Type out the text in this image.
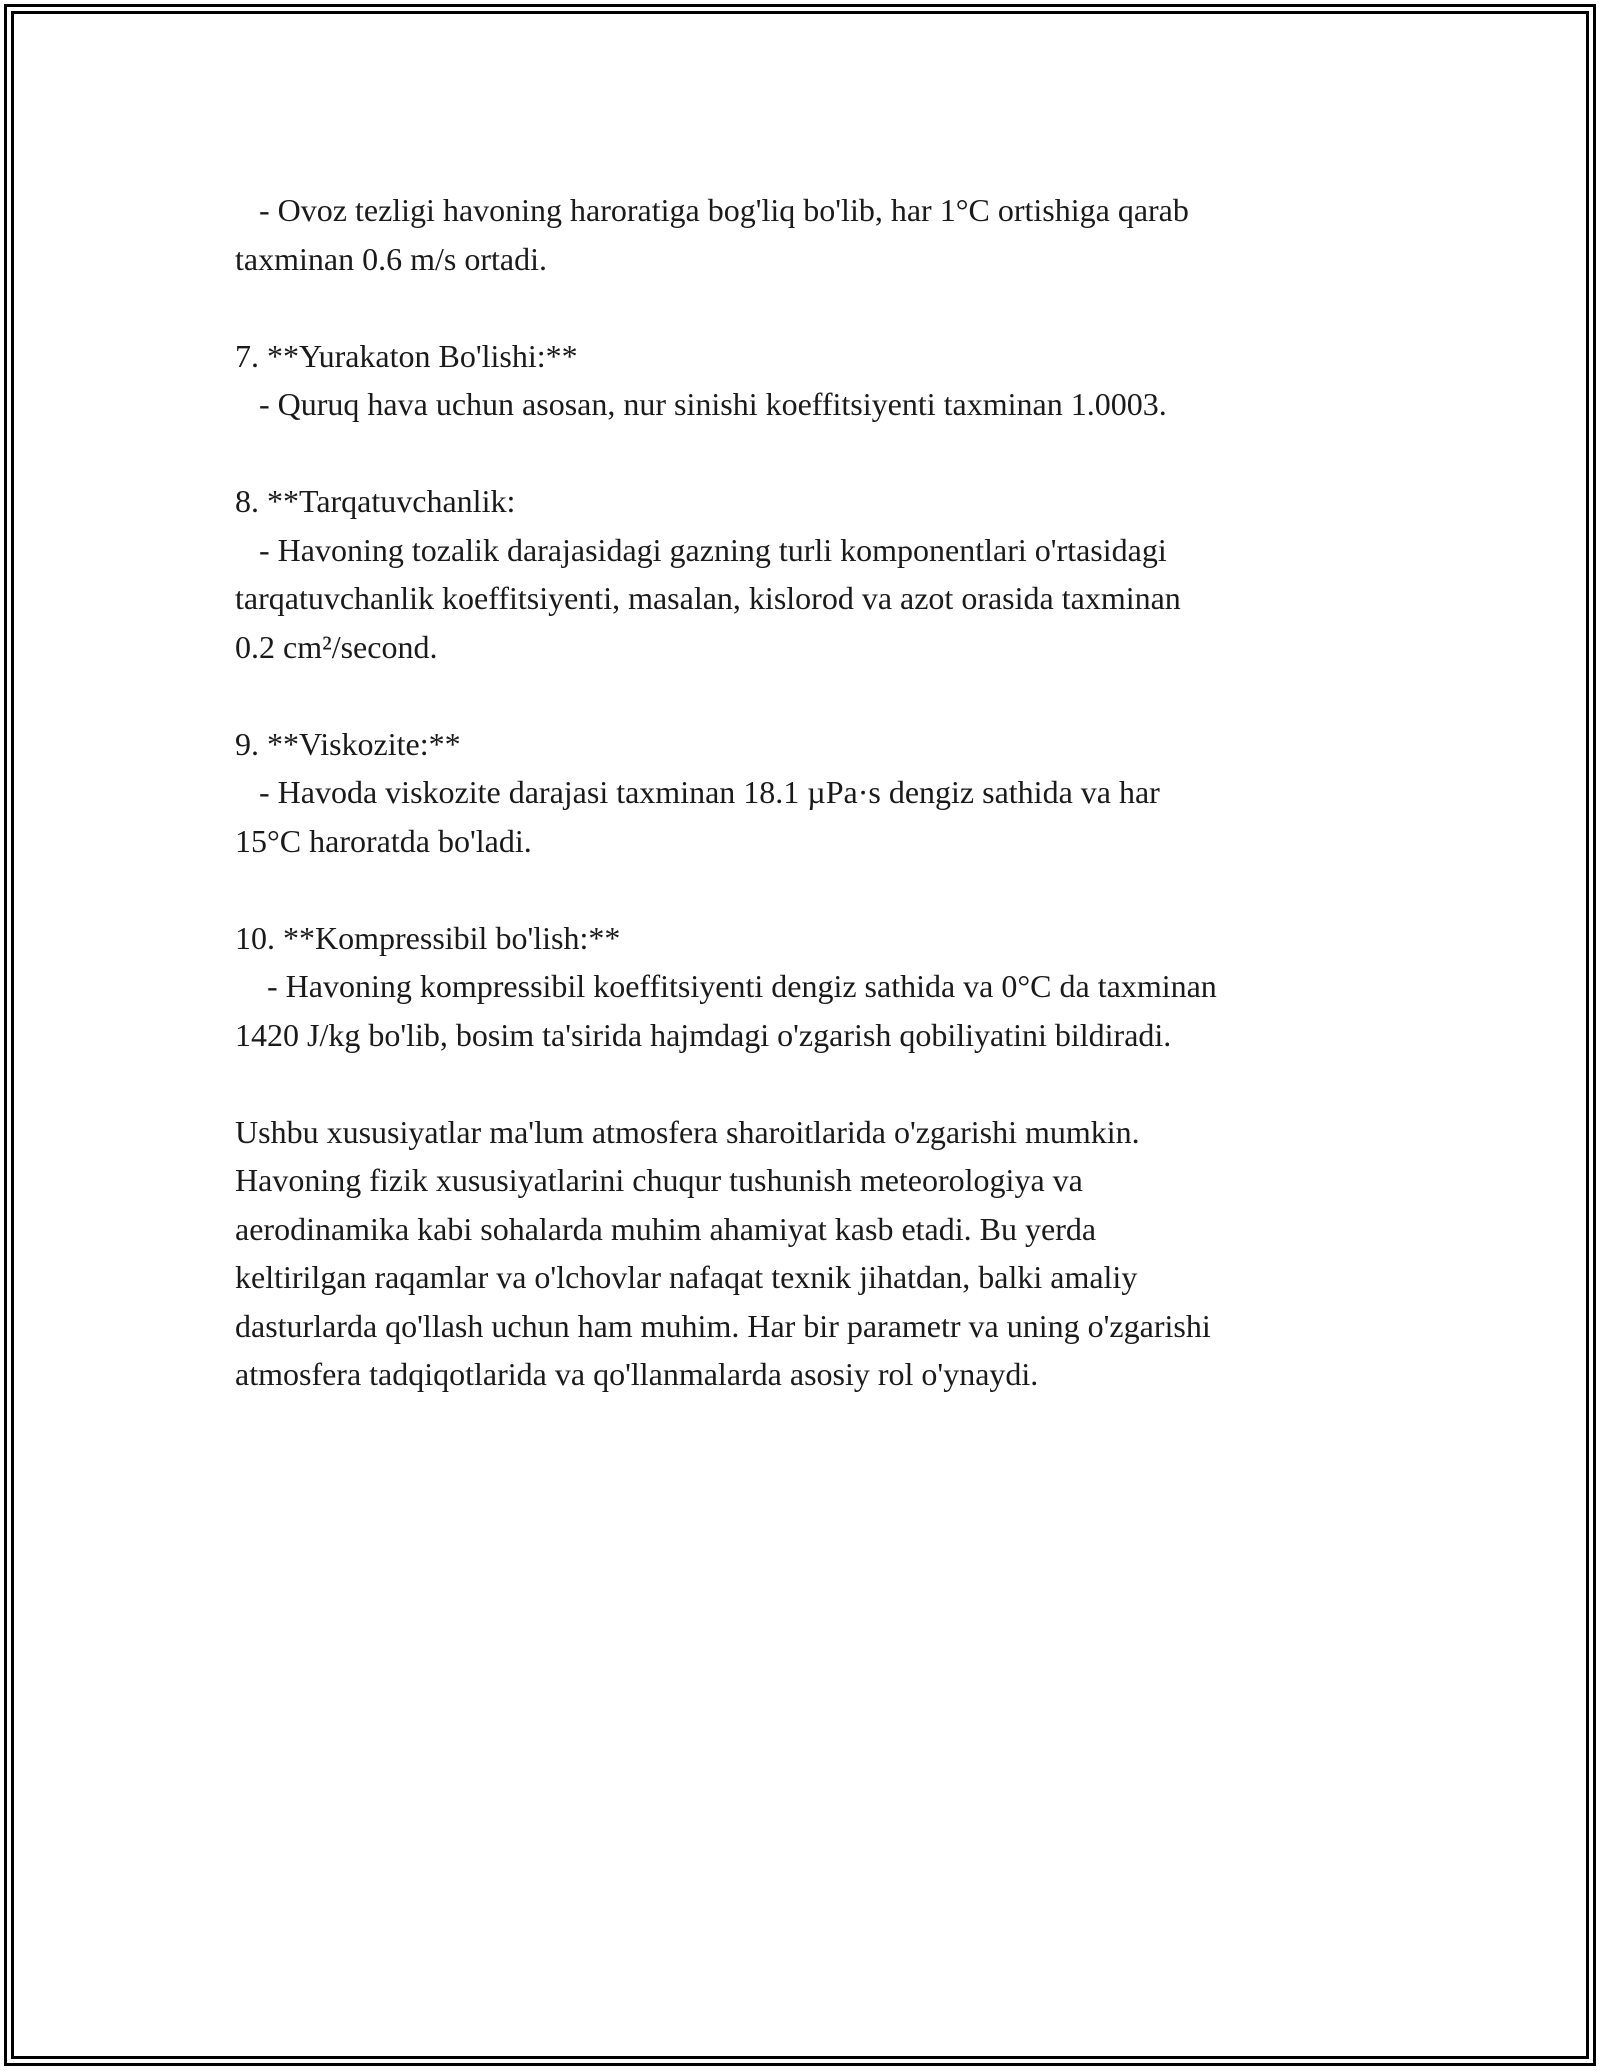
- Ovoz tezligi havoning haroratiga bog'liq bo'lib, har 1°C ortishiga qarab

taxminan 0.6 m/s ortadi.

7. **Yurakaton Bo'lishi:**

- Quruq hava uchun asosan, nur sinishi koeffitsiyenti taxminan 1.0003.

8. **Tarqatuvchanlik:

- Havoning tozalik darajasidagi gazning turli komponentlari o'rtasidagi

tarqatuvchanlik koeffitsiyenti, masalan, kislorod va azot orasida taxminan

0.2 cm²/second.

9. **Viskozite:**

- Havoda viskozite darajasi taxminan 18.1 µPa·s dengiz sathida va har

15°C haroratda bo'ladi.

10. **Kompressibil bo'lish:**

- Havoning kompressibil koeffitsiyenti dengiz sathida va 0°C da taxminan

1420 J/kg bo'lib, bosim ta'sirida hajmdagi o'zgarish qobiliyatini bildiradi.

Ushbu xususiyatlar ma'lum atmosfera sharoitlarida o'zgarishi mumkin.

Havoning fizik xususiyatlarini chuqur tushunish meteorologiya va

aerodinamika kabi sohalarda muhim ahamiyat kasb etadi. Bu yerda

keltirilgan raqamlar va o'lchovlar nafaqat texnik jihatdan, balki amaliy

dasturlarda qo'llash uchun ham muhim. Har bir parametr va uning o'zgarishi

atmosfera tadqiqotlarida va qo'llanmalarda asosiy rol o'ynaydi.
